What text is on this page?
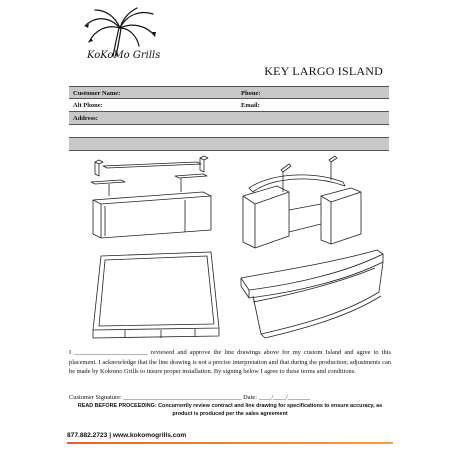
KoKoMo Grills
KEY LARGO ISLAND
Customer Name:	Phone:
Alt Phone:	Email:
Address:
I _______________________ reviewed and approve the line drawings above for my custom Island and agree to this placement. I acknowledge that the line drawing is not a precise interpretation and that during the production; adjustments can be made by Kokomo Grills to insure proper installation. By signing below I agree to these terms and conditions.
Customer Signature: _____________________________________ Date: ____/____/_______
READ BEFORE PROCEEDING: Concurrently review contract and line drawing for specifications to ensure accuracy, as product is produced per the sales agreement
877.882.2723 | www.kokomogrills.com
